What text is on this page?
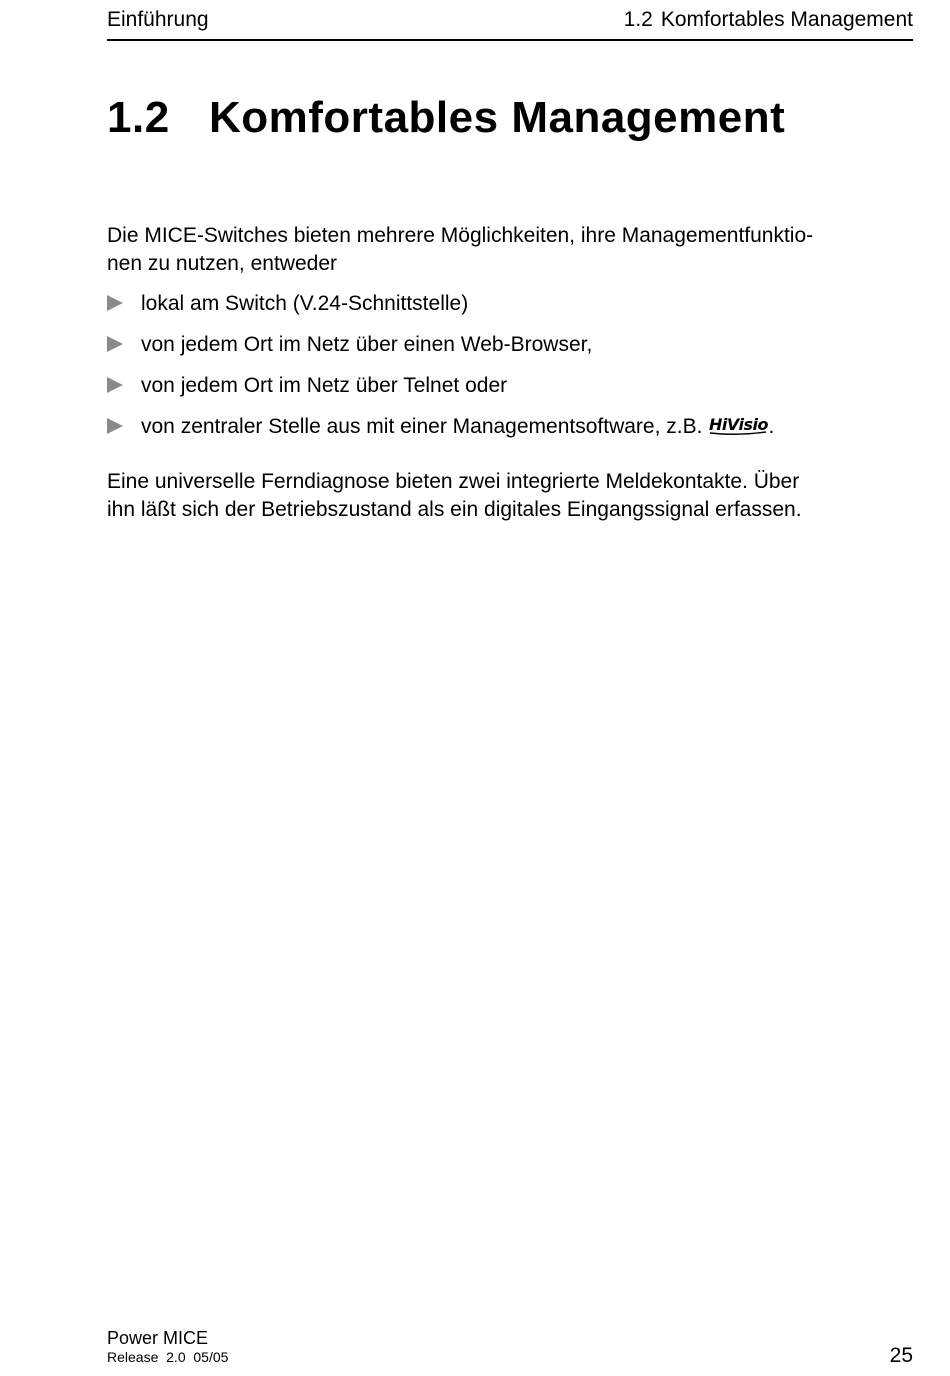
Einführung	1.2 Komfortables Management
1.2 Komfortables Management

Die MICE-Switches bieten mehrere Möglichkeiten, ihre Managementfunktio-
nen zu nutzen, entweder

lokal am Switch (V.24-Schnittstelle)
von jedem Ort im Netz über einen Web-Browser,
von jedem Ort im Netz über Telnet oder
von zentraler Stelle aus mit einer Managementsoftware, z.B. HiVisio .

Eine universelle Ferndiagnose bieten zwei integrierte Meldekontakte. Über
ihn läßt sich der Betriebszustand als ein digitales Eingangssignal erfassen.

Power MICE
Release  2.0  05/05	25
